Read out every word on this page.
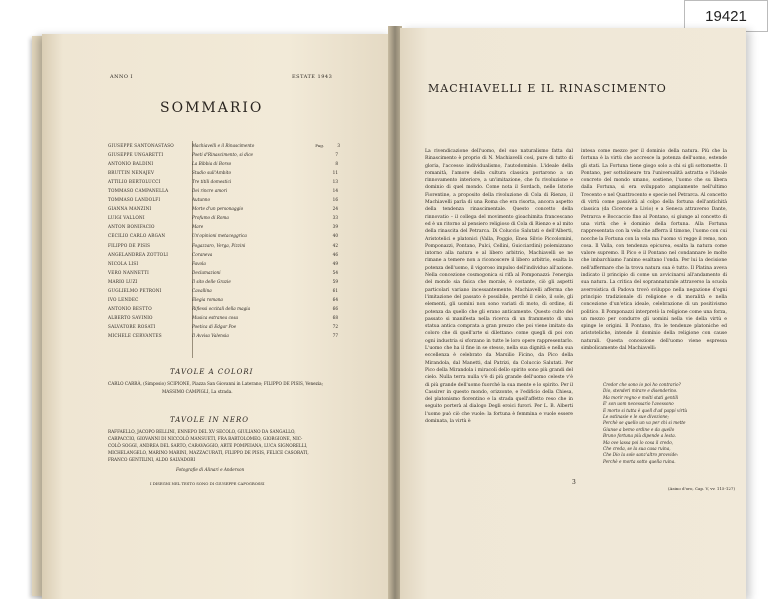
19421
ANNO I	ESTATE 1943
SOMMARIO
GIUSEPPE SANTONASTASO	Machiavelli e il Rinascimento	Pag.	3
GIUSEPPE UNGARETTI	Poeti d'Rinascimento, si dice	7
ANTONIO BALDINI	La Bibbia di Borso	8
BRUTTIN NENAJEV	Studio sull'Ambito	11
ATTILIO BERTOLUCCI	Tre titili domestici	13
TOMMASO CAMPANELLA	Dei rincre amori	14
TOMMASO LANDOLFI	Autunno	16
GIANNA MANZINI	Morte d'un personaggio	24
LUIGI VALLONI	Profumo di Roma	33
ANTON BONIFACIO	Mare	39
CECILIO CARLO ARGAN	Un'opinioni metaceggrica	40
FILIPPO DE PISIS	Fogazzaro, Verga, Pizzini	42
ANGELANDREA ZOTTOLI	Coraneva	46
NICOLA LISI	Favola	49
VERO NANNETTI	Declamazioni	54
MARIO LUZI	Il sito delle Grazie	59
GUGLIELMO PETRONI	Cavallina	61
IVO LENDEC	Elegia romana	64
ANTONIO BESTTO	Riflessi occitali della magia	66
ALBERTO SAVINIO	Musica estranea cosa	68
SALVATORE ROSATI	Poetica di Edgar Poe	72
MICHELE CERVANTES	Il Avvisa Valensia	77
TAVOLE A COLORI
CARLO CARRÀ, (Simposio) SCIPIONE, Piazza San Giovanni in Laterano; FILIPPO DE PISIS, Venezia;
MASSIMO CAMPIGLI, La strada.
TAVOLE IN NERO
RAFFAELLO, JACOPO BELLINI, ENNEPO DEL XV SECOLO, GIULIANO DA SANGALLO,
CARPACCIO, GIOVANNI DI NICCOLÒ MANSUETI, FRA BARTOLOMEO, GIORGIONE, NIC-
COLÒ SOGGI, ANDREA DEL SARTO, CARAVAGGIO, ARTE POMPEIANA, LUCA SIGNORELLI,
MICHELANGELO, MARINO MARINI, MAZZACURATI, FILIPPO DE PISIS, FELICE CASORATI,
FRANCO GENTILINI, ALDO SALVADORI
Fotografie di Alinari e Anderson
I DISEGNI NEL TESTO SONO DI GIUSEPPE CAPOGROSSI
MACHIAVELLI E IL RINASCIMENTO
La rivendicazione dell'uomo, del suo naturalismo fatta dal Rinascimento è proprio di N. Machiavelli così, pure di tutto di gloria, l'accesso individualismo, l'autodominio. L'ideale della romanità, l'amore della cultura classica portarono a un rinnovamento interiore, a un'imitazione, che fu rivoluzione e dominio di quel mondo. Come nota il Sordach, nelle Istorie Fiorentine, a proposito della rivoluzione di Cola di Rienzo, il Machiavelli parla di una Roma che era risorta, ancora aspetto della tendenza rinascimentale. Questo concetto della rinnovatio – il collega del movimento gioachimita francescano ed è un ritorno al pensiero religioso di Cola di Rienzo e al mito della rinascita del Petrarca. Di Coluccio Salutati e dell'Alberti, Aristotelici e platonici (Valla, Poggio, Enea Silvio Piccolomini, Pomponazzi, Pontano, Pulci, Cellini, Guicciardini) polemizzano intorno alla natura e al libero arbitrio, Machiavelli se ne rimane a temere non a riconoscere il libero arbitrio, esalta la potenza dell'uomo, il vigoroso impulso dell'individuo all'azione. Nella concezione cosmogonica si rifà al Pomponazzi: l'energia del mondo sia fisica che morale, è costante, ciò gli aspetti particolari variano incessantemente. Machiavelli afferma che l'imitazione del passato è possibile, perché il cielo, il sole, gli elementi, gli uomini non sono variati di moto, di ordine, di potenza da quello che gli erano anticamente. Questo culto del passato si manifesta nella ricerca di un frammento di una statua antica comprata a gran prezzo che poi viene imitato da coloro che di quell'arte si dilettano: come quegli di poi con ogni industria si sforzano in tutte le loro opere rappresentarlo. L'uomo che ha il fine in se stesso, nella sua dignità e nella sua eccellenza è celebrato da Marsilio Ficino, da Pico della Mirandola, dal Manetti, dal Patrizi, da Coluccio Salutati. Per Pico della Mirandola i miracoli dello spirito sono più grandi del cielo. Nulla terra nulla v'è di più grande dell'uomo celeste v'è di più grande dell'uomo fuorché la sua mente e lo spirito. Per il Cassirer in questo mondo, orizzonte, e l'edificio della Chiesa, del platonismo fiorentino e la strada quell'affetto reso che in seguito porterà al dialogo Degli eroici furori. Per L. B. Alberti l'uomo può ciò che vuole: la fortuna è femmina e vuole essere dominata, la virtù è
intesa come mezzo per il dominio della natura. Più che la fortuna è la virtù che accresce la potenza dell'uomo, estende gli stati. La Fortuna tiene giogo solo a chi si gli sottomette. Il Pontano, per sottolineare tra l'universalità astratta e l'ideale concreto del mondo umano, sostiene, l'uomo che su libera dalla Fortuna, si era sviluppato ampiamente nell'ultimo Trecento e nel Quattrocento e specie nel Petrarca. Al concetto di virtù come passività al colpo della fortuna dell'antichità classica (da Cicerone a Livio) e a Seneca attraverso Dante, Petrarca e Boccaccio fino al Pontano, si giunge al concetto di una virtù che è dominio della fortuna. Alla Fortuna rappresentata con la vela che afferra il timone, l'uomo con cui nocche la Fortuna con la vela ma l'uomo vi regge il remo, non cosa. Il Valla, con tendenza epicurea, esalta la natura come valore supremo. Il Pico e il Pontano nel condannare le molte che imbarchiamo l'animo esaltano l'onda. Per lui la decisione nell'affermare che la trova natura sua è tutto. Il Platina aveva indicato il principio di come un avvicinarsi all'andamento di sua natura. La critica del soprannaturale attraverso la scuola averroistica di Padova trovò sviluppo nella negazione d'ogni principio tradizionale di religione e di moralità e nella concezione d'un'etica ideale, celebrazione di un positivismo politico. Il Pomponazzi interpretò la religione come una forza, un mezzo per condurre gli uomini nella vie della virtù e spinge le origini. Il Pontano, fra le tendenze platoniche ed aristoteliche, intende il dominio della religione con cause naturali. Questa concezione dell'uomo viene espressa simbolicamente dal Machiavelli:
Credor che sono io poi ho contrario?
Dio, stenderi mirare e disenderino.
Ma morir regno e molti stati gentili
E' son uom necessario l'avessono
E morto si tutta è quell d'ad pappi virtù
Le ostinasie e le sue divozione;
Perchè se quello un va per chi si mette
Giunse a bemo ordine e da quello
Bruno fortuna più dipende a lesta.
Ma ove lassa poi lo cosa il credo,
Che creda, se la sua casa ruina,
Che Dio la sole sanz'altro provvide:
Perchè e morta sotto quella ruina.
(Asino d'oro, Cap. V, vv. 115-127)
3
